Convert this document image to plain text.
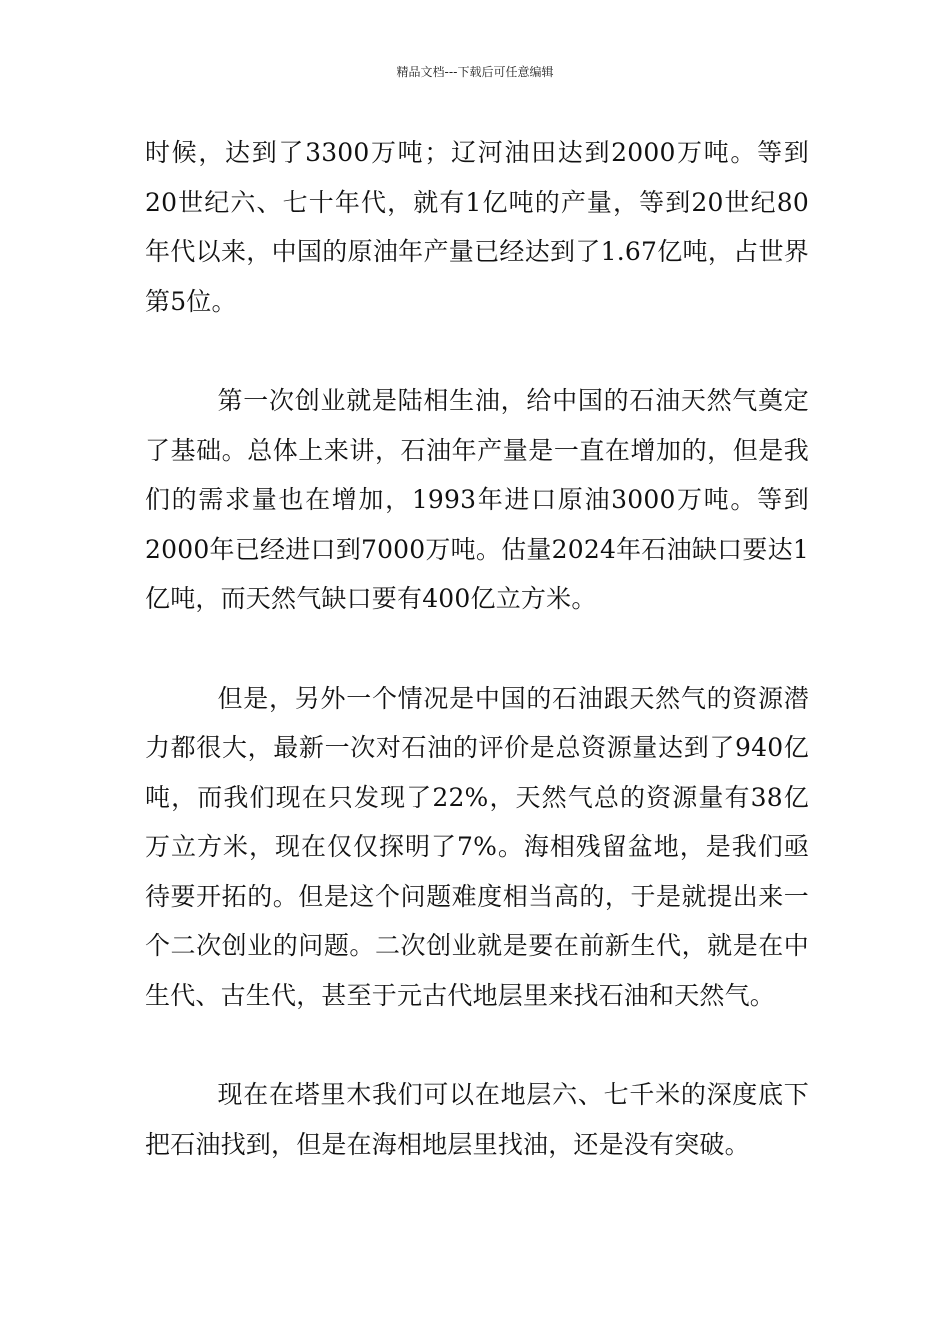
精品文档---下载后可任意编辑

时候，达到了3300万吨；辽河油田达到2000万吨。等到20世纪六、七十年代，就有1亿吨的产量，等到20世纪80年代以来，中国的原油年产量已经达到了1.67亿吨，占世界第5位。

第一次创业就是陆相生油，给中国的石油天然气奠定了基础。总体上来讲，石油年产量是一直在增加的，但是我们的需求量也在增加，1993年进口原油3000万吨。等到2000年已经进口到7000万吨。估量2024年石油缺口要达1亿吨，而天然气缺口要有400亿立方米。

但是，另外一个情况是中国的石油跟天然气的资源潜力都很大，最新一次对石油的评价是总资源量达到了940亿吨，而我们现在只发现了22%，天然气总的资源量有38亿万立方米，现在仅仅探明了7%。海相残留盆地，是我们亟待要开拓的。但是这个问题难度相当高的，于是就提出来一个二次创业的问题。二次创业就是要在前新生代，就是在中生代、古生代，甚至于元古代地层里来找石油和天然气。

现在在塔里木我们可以在地层六、七千米的深度底下把石油找到，但是在海相地层里找油，还是没有突破。
